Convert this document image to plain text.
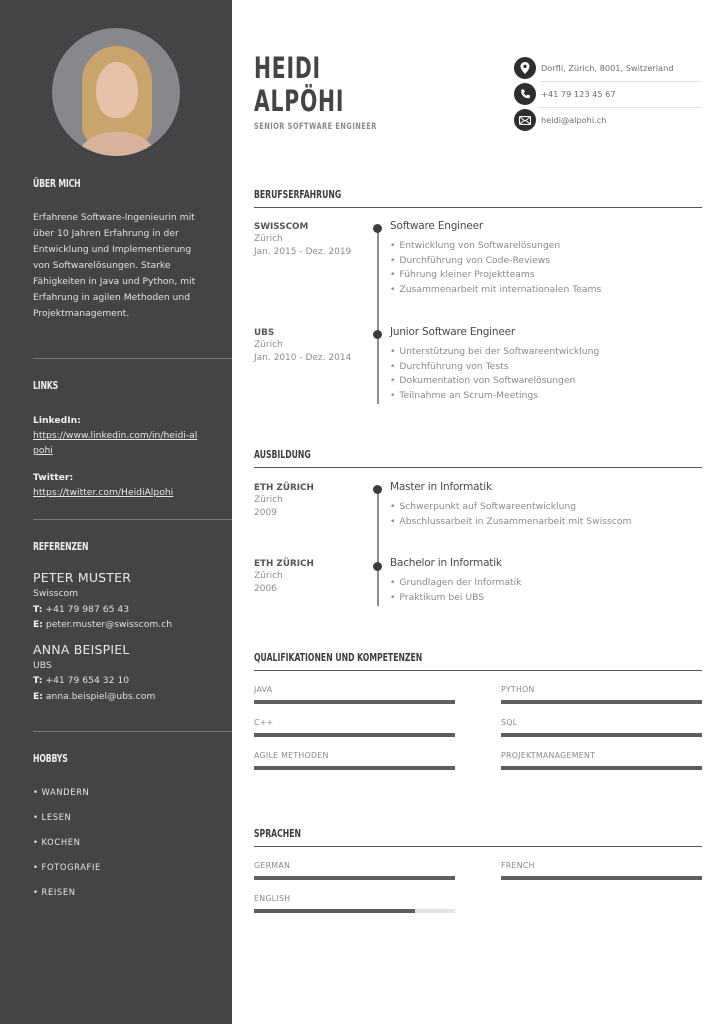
ÜBER MICH
Erfahrene Software-Ingenieurin mit über 10 Jahren Erfahrung in der Entwicklung und Implementierung von Softwarelösungen. Starke Fähigkeiten in Java und Python, mit Erfahrung in agilen Methoden und Projektmanagement.
LINKS
LinkedIn:
https://www.linkedin.com/in/heidi-alpohi
Twitter:
https://twitter.com/HeidiAlpohi
REFERENZEN
PETER MUSTER
Swisscom
T: +41 79 987 65 43
E: peter.muster@swisscom.ch
ANNA BEISPIEL
UBS
T: +41 79 654 32 10
E: anna.beispiel@ubs.com
HOBBYS
• WANDERN
• LESEN
• KOCHEN
• FOTOGRAFIE
• REISEN
HEIDI
ALPÖHI
SENIOR SOFTWARE ENGINEER
Dorfli, Zürich, 8001, Switzerland
+41 79 123 45 67
heidi@alpohi.ch
BERUFSERFAHRUNG
SWISSCOM
Zürich
Jan. 2015 - Dez. 2019
Software Engineer
• Entwicklung von Softwarelösungen
• Durchführung von Code-Reviews
• Führung kleiner Projektteams
• Zusammenarbeit mit internationalen Teams
UBS
Zürich
Jan. 2010 - Dez. 2014
Junior Software Engineer
• Unterstützung bei der Softwareentwicklung
• Durchführung von Tests
• Dokumentation von Softwarelösungen
• Teilnahme an Scrum-Meetings
AUSBILDUNG
ETH ZÜRICH
Zürich
2009
Master in Informatik
• Schwerpunkt auf Softwareentwicklung
• Abschlussarbeit in Zusammenarbeit mit Swisscom
ETH ZÜRICH
Zürich
2006
Bachelor in Informatik
• Grundlagen der Informatik
• Praktikum bei UBS
QUALIFIKATIONEN UND KOMPETENZEN
JAVA	PYTHON
C++	SQL
AGILE METHODEN	PROJEKTMANAGEMENT
SPRACHEN
GERMAN	FRENCH
ENGLISH
